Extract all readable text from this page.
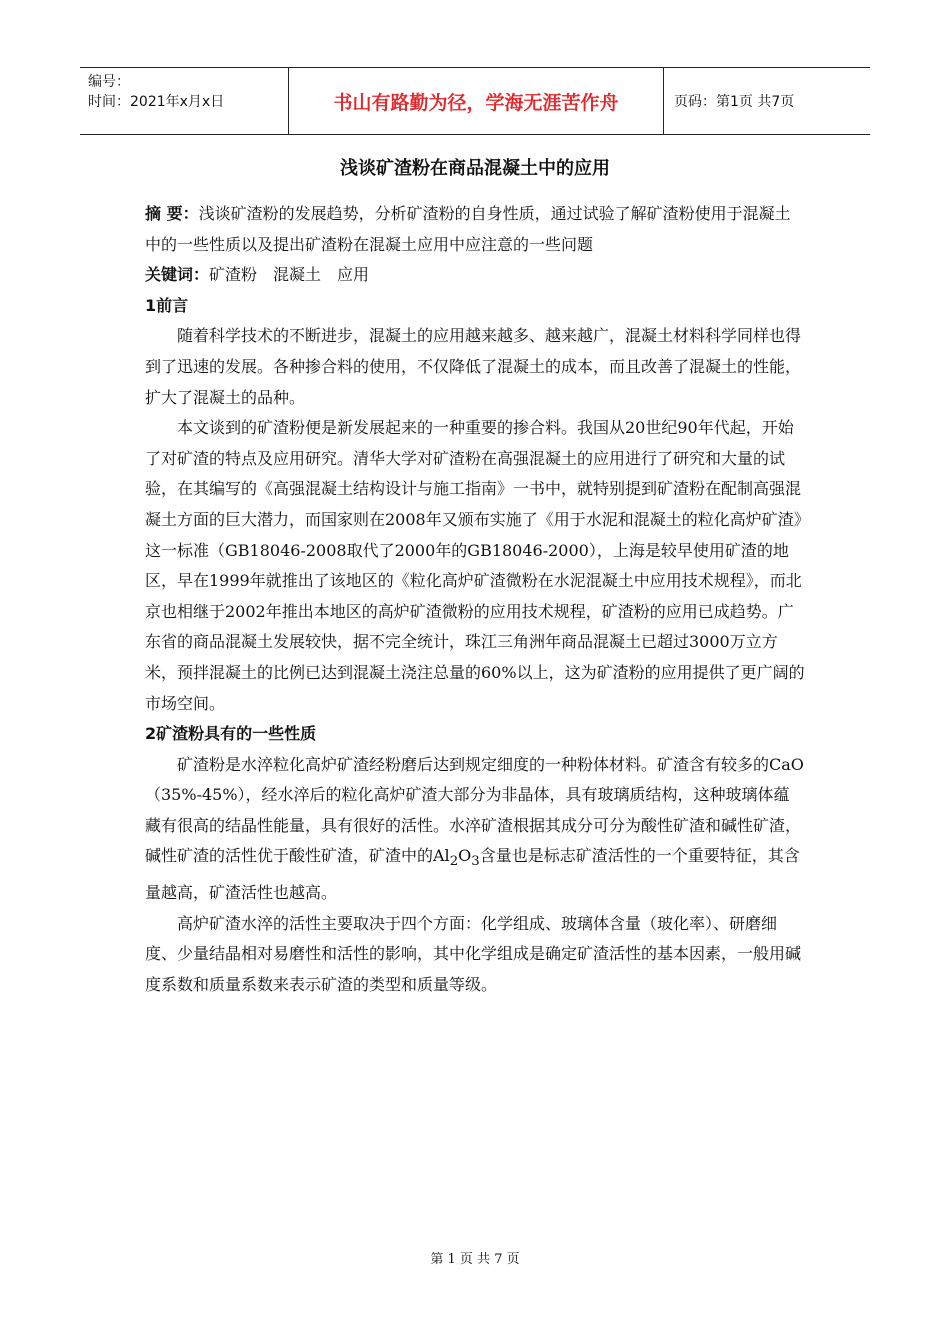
编号：
时间：2021年x月x日	书山有路勤为径，学海无涯苦作舟	页码：第1页 共7页
浅谈矿渣粉在商品混凝土中的应用

摘 要：浅谈矿渣粉的发展趋势，分析矿渣粉的自身性质，通过试验了解矿渣粉使用于混凝土中的一些性质以及提出矿渣粉在混凝土应用中应注意的一些问题

关键词：矿渣粉 混凝土 应用

1前言

随着科学技术的不断进步，混凝土的应用越来越多、越来越广，混凝土材料科学同样也得到了迅速的发展。各种掺合料的使用，不仅降低了混凝土的成本，而且改善了混凝土的性能，扩大了混凝土的品种。

本文谈到的矿渣粉便是新发展起来的一种重要的掺合料。我国从20世纪90年代起，开始了对矿渣的特点及应用研究。清华大学对矿渣粉在高强混凝土的应用进行了研究和大量的试验，在其编写的《高强混凝土结构设计与施工指南》一书中，就特别提到矿渣粉在配制高强混凝土方面的巨大潜力，而国家则在2008年又颁布实施了《用于水泥和混凝土的粒化高炉矿渣》这一标准（GB18046-2008取代了2000年的GB18046-2000），上海是较早使用矿渣的地区，早在1999年就推出了该地区的《粒化高炉矿渣微粉在水泥混凝土中应用技术规程》，而北京也相继于2002年推出本地区的高炉矿渣微粉的应用技术规程，矿渣粉的应用已成趋势。广东省的商品混凝土发展较快，据不完全统计，珠江三角洲年商品混凝土已超过3000万立方米，预拌混凝土的比例已达到混凝土浇注总量的60%以上，这为矿渣粉的应用提供了更广阔的市场空间。

2矿渣粉具有的一些性质

矿渣粉是水淬粒化高炉矿渣经粉磨后达到规定细度的一种粉体材料。矿渣含有较多的CaO（35%-45%），经水淬后的粒化高炉矿渣大部分为非晶体，具有玻璃质结构，这种玻璃体蕴藏有很高的结晶性能量，具有很好的活性。水淬矿渣根据其成分可分为酸性矿渣和碱性矿渣，碱性矿渣的活性优于酸性矿渣，矿渣中的$Al_2O_3$含量也是标志矿渣活性的一个重要特征，其含量越高，矿渣活性也越高。

高炉矿渣水淬的活性主要取决于四个方面：化学组成、玻璃体含量（玻化率）、研磨细度、少量结晶相对易磨性和活性的影响，其中化学组成是确定矿渣活性的基本因素，一般用碱度系数和质量系数来表示矿渣的类型和质量等级。

第 1 页 共 7 页
